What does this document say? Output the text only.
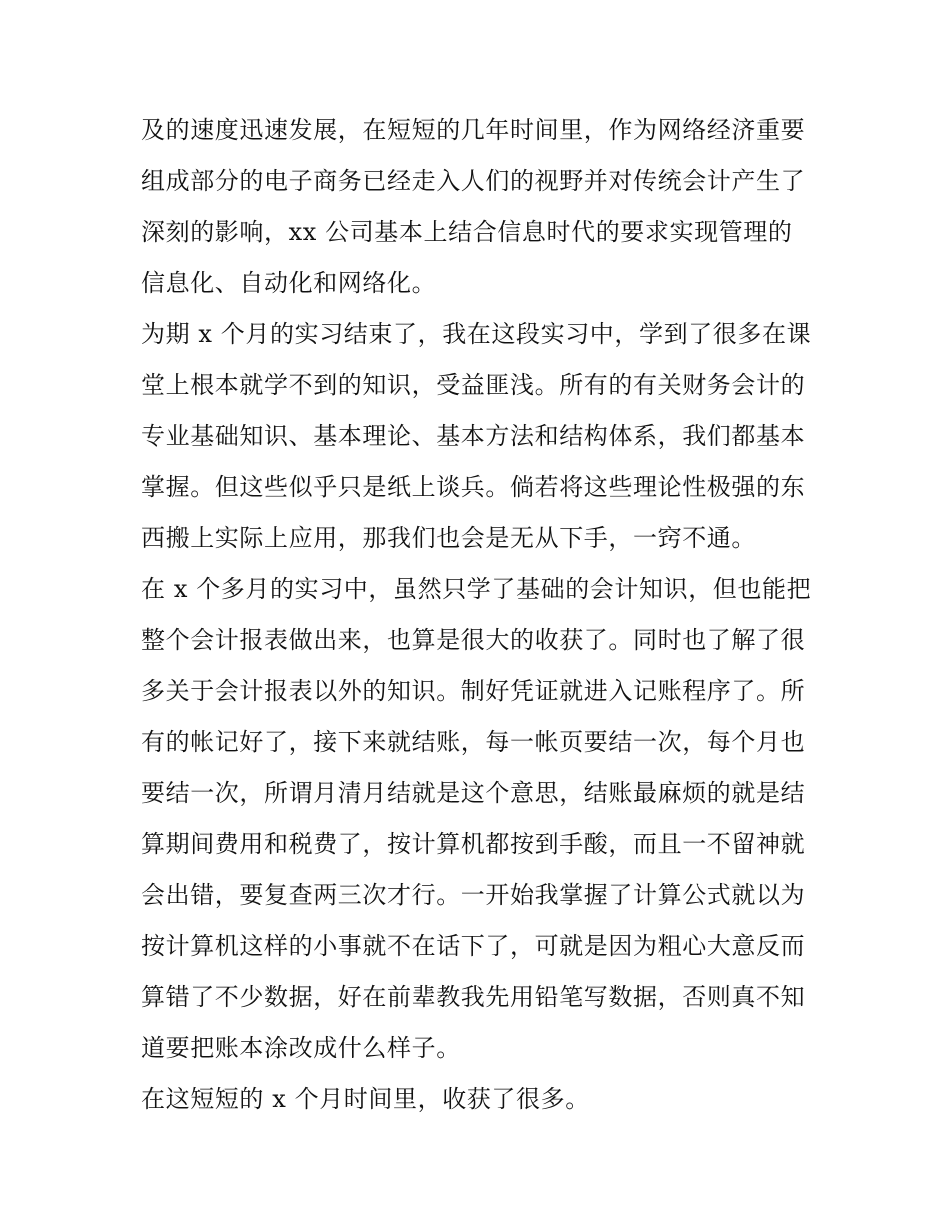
及的速度迅速发展，在短短的几年时间里，作为网络经济重要
组成部分的电子商务已经走入人们的视野并对传统会计产生了
深刻的影响，xx 公司基本上结合信息时代的要求实现管理的
信息化、自动化和网络化。
为期 x 个月的实习结束了，我在这段实习中，学到了很多在课
堂上根本就学不到的知识，受益匪浅。所有的有关财务会计的
专业基础知识、基本理论、基本方法和结构体系，我们都基本
掌握。但这些似乎只是纸上谈兵。倘若将这些理论性极强的东
西搬上实际上应用，那我们也会是无从下手，一窍不通。
在 x 个多月的实习中，虽然只学了基础的会计知识，但也能把
整个会计报表做出来，也算是很大的收获了。同时也了解了很
多关于会计报表以外的知识。制好凭证就进入记账程序了。所
有的帐记好了，接下来就结账，每一帐页要结一次，每个月也
要结一次，所谓月清月结就是这个意思，结账最麻烦的就是结
算期间费用和税费了，按计算机都按到手酸，而且一不留神就
会出错，要复查两三次才行。一开始我掌握了计算公式就以为
按计算机这样的小事就不在话下了，可就是因为粗心大意反而
算错了不少数据，好在前辈教我先用铅笔写数据，否则真不知
道要把账本涂改成什么样子。
在这短短的 x 个月时间里，收获了很多。
